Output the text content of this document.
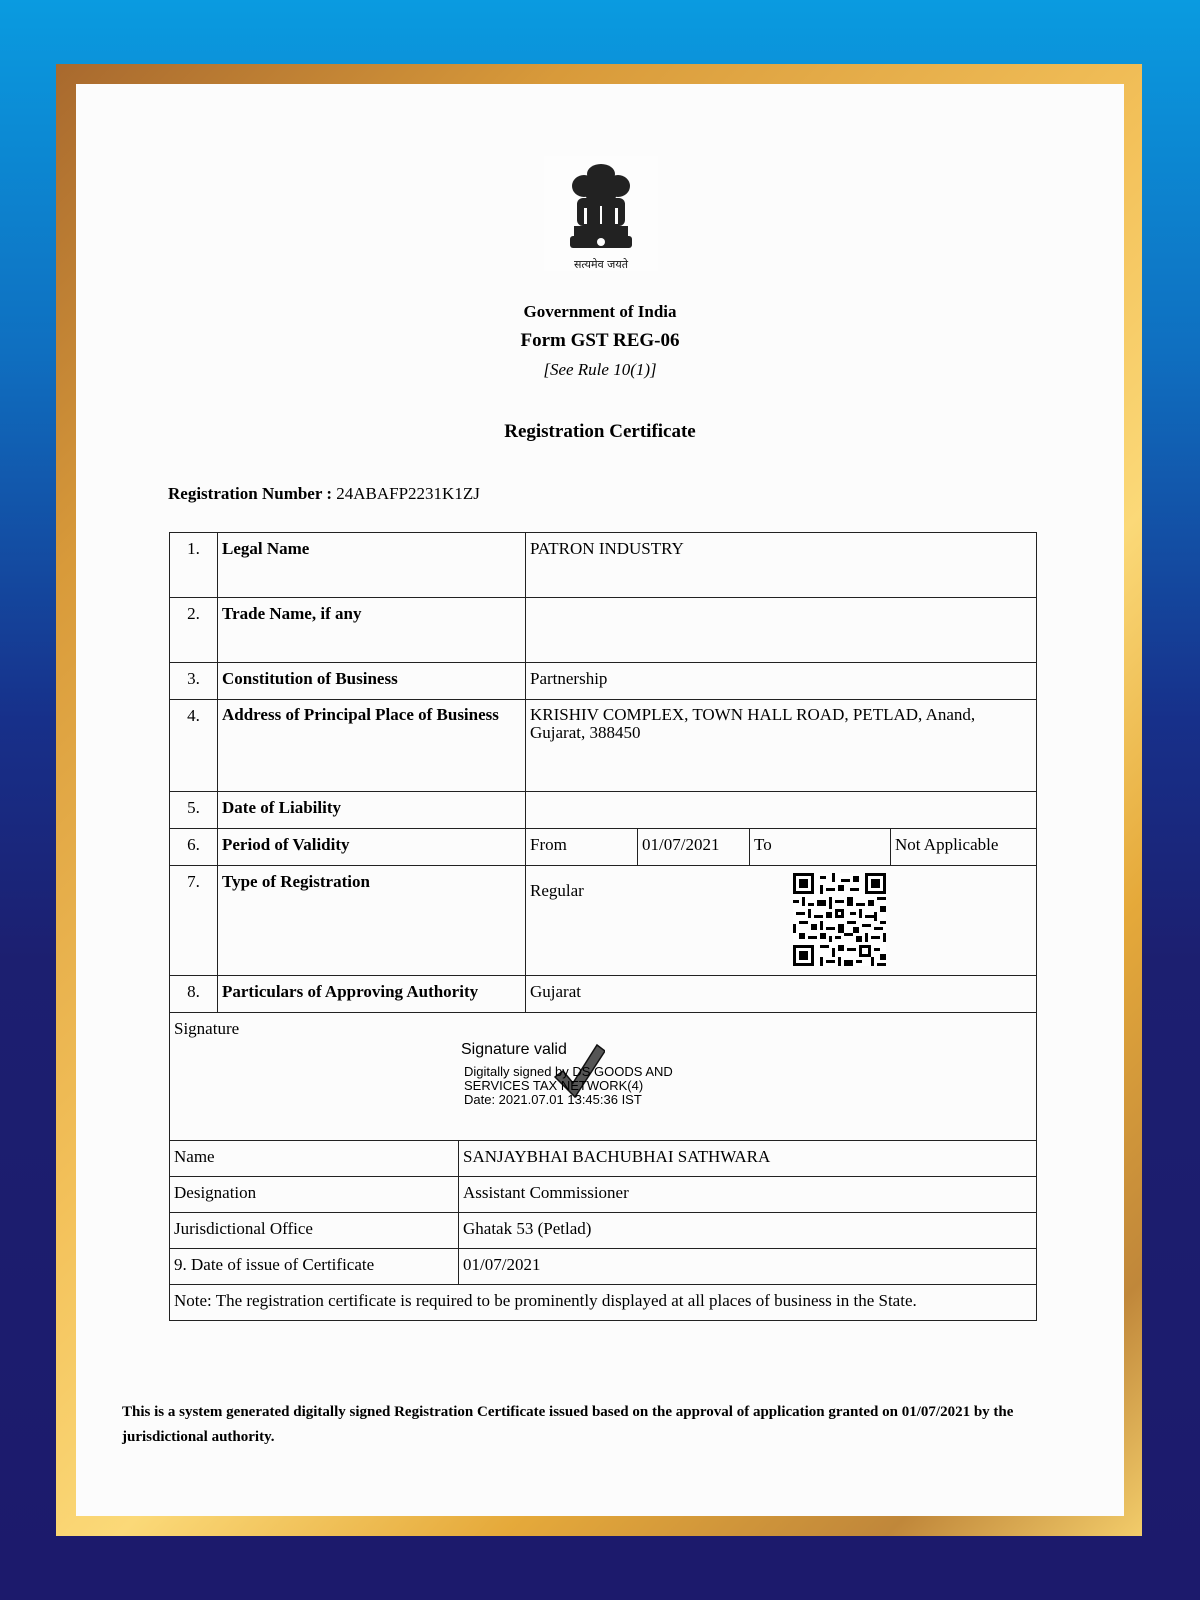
सत्यमेव जयते
Government of India
Form GST REG-06
[See Rule 10(1)]
Registration Certificate
Registration Number : 24ABAFP2231K1ZJ
1.	Legal Name	PATRON INDUSTRY			
2.	Trade Name, if any				
3.	Constitution of Business	Partnership			
4.	Address of Principal Place of Business	KRISHIV COMPLEX, TOWN HALL ROAD, PETLAD, Anand, Gujarat, 388450			
5.	Date of Liability				
6.	Period of Validity	From	01/07/2021	To	Not Applicable
7.	Type of Registration	Regular			
8.	Particulars of Approving Authority	Gujarat			
Signature
Signature valid
Digitally signed by DS GOODS AND
SERVICES TAX NETWORK(4)
Date: 2021.07.01 13:45:36 IST					
Name	SANJAYBHAI BACHUBHAI SATHWARA
Designation	Assistant Commissioner
Jurisdictional Office	Ghatak 53 (Petlad)
9. Date of issue of Certificate	01/07/2021
Note: The registration certificate is required to be prominently displayed at all places of business in the State.	
This is a system generated digitally signed Registration Certificate issued based on the approval of application granted on 01/07/2021 by the jurisdictional authority.
